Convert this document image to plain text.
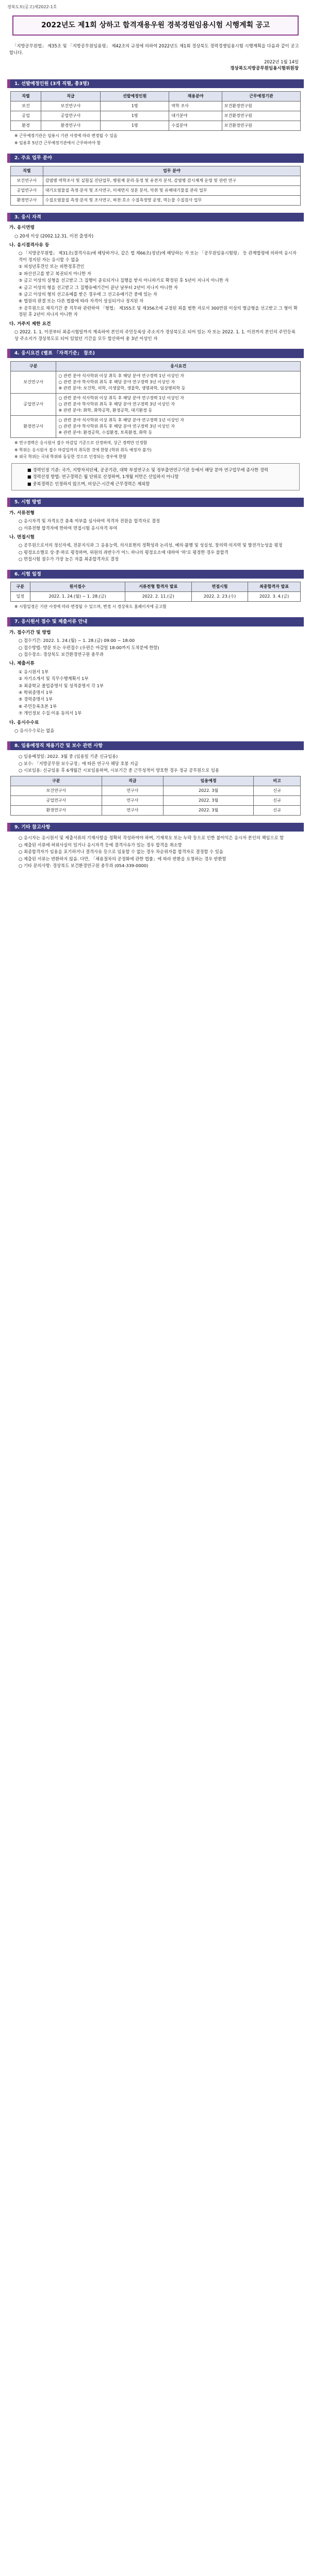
경북도보(공고)제2022-1호
2022년도 제1회 상하고 합격재용우원 경북경원임용시험 시행계획 공고

「지방공무원법」 제35조 및 「지방공무원임용령」 제42조의 규정에 의하여 2022년도 제1회 경상북도 경력경쟁임용시험 시행계획을 다음과 같이 공고합니다.

2022년 1월 14일
경상북도지방공무원임용시험위원장
1. 선발예정인원 (3개 직렬, 총3명)
직렬	직급	선발예정인원	채용분야	근무예정기관
보건	보건연구사	1명	역학 조사	보건환경연구원
공업	공업연구사	1명	대기분야	보건환경연구원
환경	환경연구사	1명	수질분야	보건환경연구원
※ 근무예정기관은 임용시 기관 사정에 따라 변경될 수 있음
※ 임용후 5년간 근무예정기관에서 근무하여야 함
2. 주요 업무 분야
직렬	업무 분야
보건연구사	감염병 역학조사 및 실험실 진단업무, 병원체 분리·동정 및 유전자 분석, 감염병 감시체계 운영 및 관련 연구
공업연구사	대기오염물질 측정·분석 및 조사연구, 미세먼지 성분 분석, 악취 및 유해대기물질 관리 업무
환경연구사	수질오염물질 측정·분석 및 조사연구, 하천·호소 수질측정망 운영, 먹는물 수질검사 업무
3. 응시 자격
가. 응시연령
○ 20세 이상 (2002.12.31. 이전 출생자)
나. 응시결격사유 등
○ 「지방공무원법」 제31조(결격사유)에 해당하거나, 같은 법 제66조(정년)에 해당하는 자 또는 「공무원임용시험령」 등 관계법령에 의하여 응시자격이 정지된 자는 응시할 수 없음
① 피성년후견인 또는 피한정후견인
② 파산선고를 받고 복권되지 아니한 자
③ 금고 이상의 실형을 선고받고 그 집행이 종료되거나 집행을 받지 아니하기로 확정된 후 5년이 지나지 아니한 자
④ 금고 이상의 형을 선고받고 그 집행유예기간이 끝난 날부터 2년이 지나지 아니한 자
⑤ 금고 이상의 형의 선고유예를 받은 경우에 그 선고유예기간 중에 있는 자
⑥ 법원의 판결 또는 다른 법률에 따라 자격이 상실되거나 정지된 자
⑦ 공무원으로 재직기간 중 직무와 관련하여 「형법」 제355조 및 제356조에 규정된 죄를 범한 자로서 300만원 이상의 벌금형을 선고받고 그 형이 확정된 후 2년이 지나지 아니한 자
다. 거주지 제한 요건
○ 2022. 1. 1. 이전부터 최종시험일까지 계속하여 본인의 주민등록상 주소지가 경상북도로 되어 있는 자 또는 2022. 1. 1. 이전까지 본인의 주민등록상 주소지가 경상북도로 되어 있었던 기간을 모두 합산하여 총 3년 이상인 자
4. 응시요건 (별표 「자격기준」 참조)
구분	응시요건
보건연구사	○ 관련 분야 석사학위 이상 취득 후 해당 분야 연구경력 1년 이상인 자
○ 관련 분야 학사학위 취득 후 해당 분야 연구경력 3년 이상인 자
※ 관련 분야: 보건학, 의학, 미생물학, 생물학, 생명과학, 임상병리학 등
공업연구사	○ 관련 분야 석사학위 이상 취득 후 해당 분야 연구경력 1년 이상인 자
○ 관련 분야 학사학위 취득 후 해당 분야 연구경력 3년 이상인 자
※ 관련 분야: 화학, 화학공학, 환경공학, 대기환경 등
환경연구사	○ 관련 분야 석사학위 이상 취득 후 해당 분야 연구경력 1년 이상인 자
○ 관련 분야 학사학위 취득 후 해당 분야 연구경력 3년 이상인 자
※ 관련 분야: 환경공학, 수질환경, 토목환경, 화학 등
※ 연구경력은 응시원서 접수 마감일 기준으로 산정하며, 상근 경력만 인정함
※ 학위는 응시원서 접수 마감일까지 취득한 것에 한함 (학위 취득 예정자 불가)
※ 외국 학위는 국내 학위와 동등한 것으로 인정되는 경우에 한함
■ 경력인정 기준: 국가, 지방자치단체, 공공기관, 대학 부설연구소 및 정부출연연구기관 등에서 해당 분야 연구업무에 종사한 경력
■ 경력산정 방법: 연구경력은 월 단위로 산정하며, 1개월 미만은 산입하지 아니함
■ 중복경력은 인정하지 않으며, 비상근·시간제 근무경력은 제외함
5. 시험 방법
가. 서류전형
○ 응시자격 및 자격요건 충족 여부를 심사하여 적격자 전원을 합격자로 결정
○ 서류전형 합격자에 한하여 면접시험 응시자격 부여
나. 면접시험
○ 공무원으로서의 정신자세, 전문지식과 그 응용능력, 의사표현의 정확성과 논리성, 예의·품행 및 성실성, 창의력·의지력 및 발전가능성을 평정
○ 평정요소별로 상·중·하로 평정하며, 위원의 과반수가 어느 하나의 평정요소에 대하여 '하'로 평정한 경우 불합격
○ 면접시험 점수가 가장 높은 자를 최종합격자로 결정
6. 시험 일정
구분	원서접수	서류전형 합격자 발표	면접시험	최종합격자 발표
일정	2022. 1. 24.(월) ~ 1. 28.(금)	2022. 2. 11.(금)	2022. 2. 23.(수)	2022. 3. 4.(금)
※ 시험일정은 기관 사정에 따라 변경될 수 있으며, 변경 시 경상북도 홈페이지에 공고함
7. 응시원서 접수 및 제출서류 안내
가. 접수기간 및 방법
○ 접수기간: 2022. 1. 24.(월) ~ 1. 28.(금) 09:00 ~ 18:00
○ 접수방법: 방문 또는 우편접수 (우편은 마감일 18:00까지 도착분에 한함)
○ 접수장소: 경상북도 보건환경연구원 총무과
나. 제출서류
① 응시원서 1부
② 자기소개서 및 직무수행계획서 1부
③ 최종학교 졸업증명서 및 성적증명서 각 1부
④ 학위증명서 1부
⑤ 경력증명서 1부
⑥ 주민등록초본 1부
⑦ 개인정보 수집·이용 동의서 1부
다. 응시수수료
○ 응시수수료는 없음
8. 임용예정직 채용기간 및 보수 관련 사항
○ 임용예정일: 2022. 3월 중 (임용일 기준 신규임용)
○ 보수: 「지방공무원 보수규정」에 따른 연구사 해당 호봉 지급
○ 시보임용: 신규임용 후 6개월간 시보임용하며, 시보기간 중 근무성적이 양호한 경우 정규 공무원으로 임용
구분	직급	임용예정	비고
보건연구사	연구사	2022. 3월	신규
공업연구사	연구사	2022. 3월	신규
환경연구사	연구사	2022. 3월	신규
9. 기타 참고사항
○ 응시자는 응시원서 및 제출서류의 기재사항을 정확히 작성하여야 하며, 기재착오 또는 누락 등으로 인한 불이익은 응시자 본인의 책임으로 함
○ 제출된 서류에 허위사실이 있거나 응시자격 등에 결격사유가 있는 경우 합격을 취소함
○ 최종합격자가 임용을 포기하거나 결격사유 등으로 임용할 수 없는 경우 차순위자를 합격자로 결정할 수 있음
○ 제출된 서류는 반환하지 않음. 다만, 「채용절차의 공정화에 관한 법률」에 따라 반환을 요청하는 경우 반환함
○ 기타 문의사항: 경상북도 보건환경연구원 총무과 (054-339-0000)
